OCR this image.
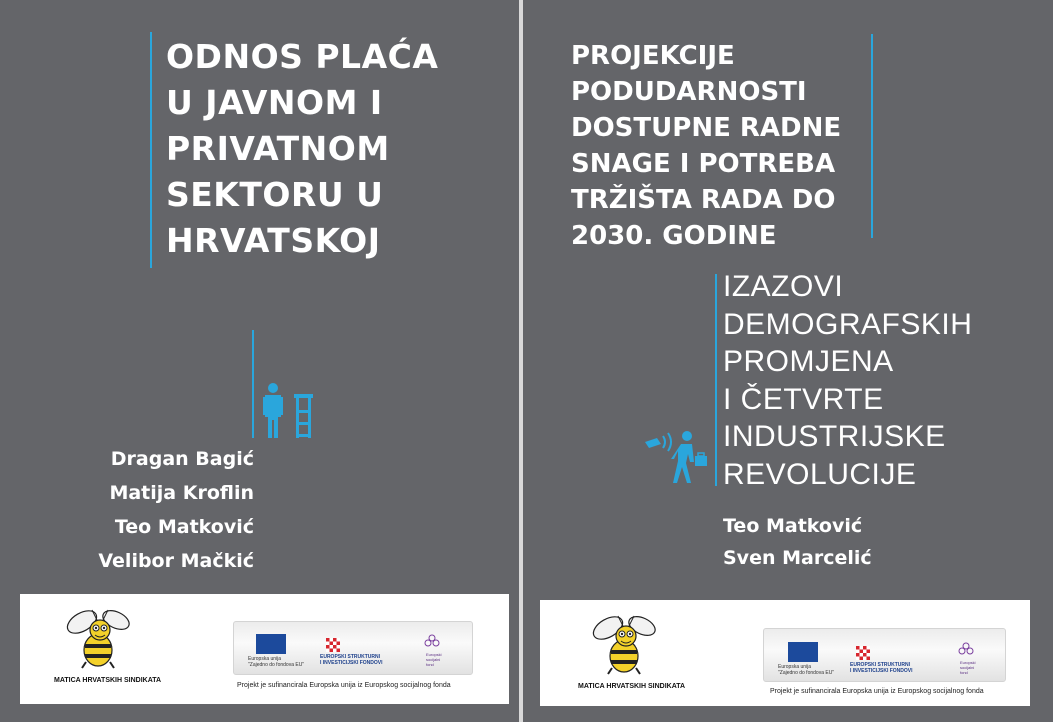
ODNOS PLAĆA
U JAVNOM I
PRIVATNOM
SEKTORU U
HRVATSKOJ
Dragan Bagić
Matija Kroflin
Teo Matković
Velibor Mačkić
MATICA HRVATSKIH SINDIKATA
Europska unija
"Zajedno do fondova EU"
EUROPSKI STRUKTURNI
I INVESTICIJSKI FONDOVI
Europski
socijalni
fond
Projekt je sufinancirala Europska unija iz Europskog socijalnog fonda
PROJEKCIJE
PODUDARNOSTI
DOSTUPNE RADNE
SNAGE I POTREBA
TRŽIŠTA RADA DO
2030. GODINE
IZAZOVI
DEMOGRAFSKIH
PROMJENA
I ČETVRTE
INDUSTRIJSKE
REVOLUCIJE
Teo Matković
Sven Marcelić
MATICA HRVATSKIH SINDIKATA
Europska unija
"Zajedno do fondova EU"
EUROPSKI STRUKTURNI
I INVESTICIJSKI FONDOVI
Europski
socijalni
fond
Projekt je sufinancirala Europska unija iz Europskog socijalnog fonda
